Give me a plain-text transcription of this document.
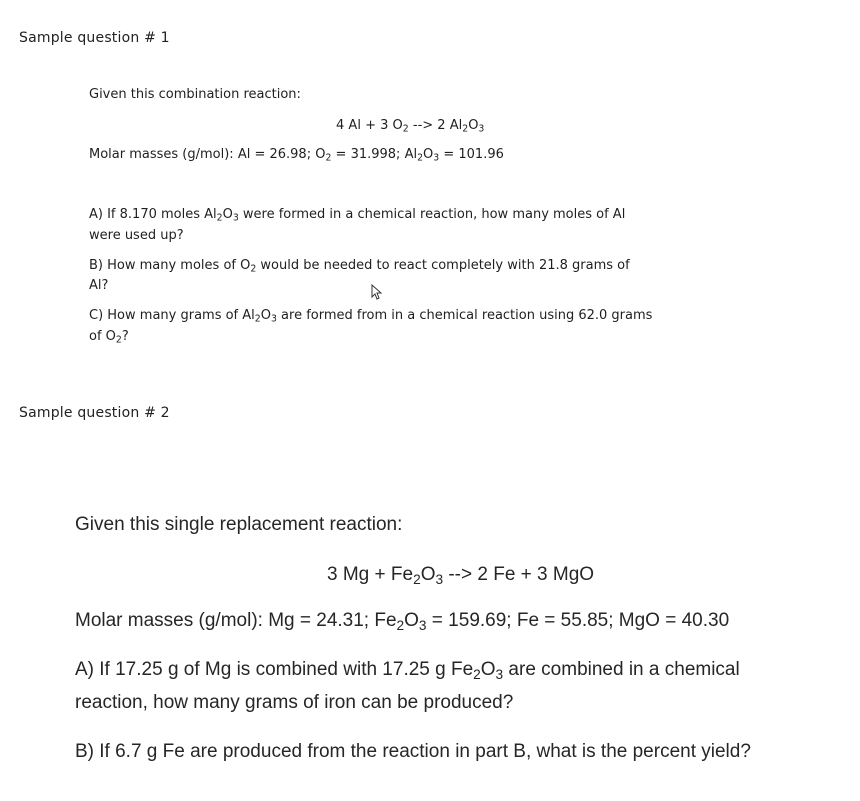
Sample question # 1
Given this combination reaction:
4 Al + 3 $O_2$ --> 2 $Al_2O_3$
Molar masses (g/mol): Al = 26.98; $O_2 = 31.998$; $Al_2O_3 = 101.96$
A) If 8.170 moles $Al_2O_3$ were formed in a chemical reaction, how many moles of Al
were used up?
B) How many moles of $O_2$ would be needed to react completely with 21.8 grams of
Al?
C) How many grams of $Al_2O_3$ are formed from in a chemical reaction using 62.0 grams
of $O_2$?
Sample question # 2
Given this single replacement reaction:
3 $Mg + Fe_2O_3$ --> 2 Fe + 3 MgO
Molar masses (g/mol): Mg = 24.31; $Fe_2O_3 = 159.69$; Fe = 55.85; MgO = 40.30
A) If 17.25 g of Mg is combined with 17.25 g $Fe_2O_3$ are combined in a chemical
reaction, how many grams of iron can be produced?
B) If 6.7 g Fe are produced from the reaction in part B, what is the percent yield?
